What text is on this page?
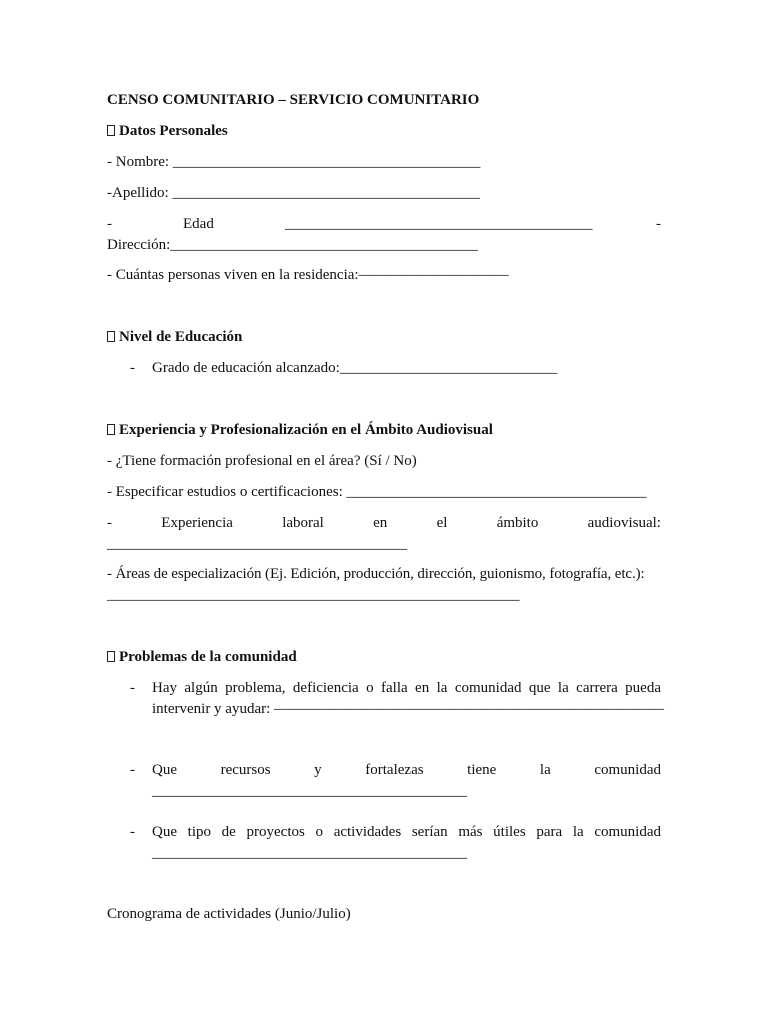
CENSO COMUNITARIO – SERVICIO COMUNITARIO
Datos Personales
- Nombre: _________________________________________
-Apellido: _________________________________________
-	Edad	_________________________________________	-
Dirección:_________________________________________
- Cuántas personas viven en la residencia:——————————
Nivel de Educación
- Grado de educación alcanzado:_____________________________
Experiencia y Profesionalización en el Ámbito Audiovisual
- ¿Tiene formación profesional en el área? (Sí / No)
- Especificar estudios o certificaciones: ________________________________________
-	Experiencia	laboral	en	el	ámbito	audiovisual:
________________________________________
- Áreas de especialización (Ej. Edición, producción, dirección, guionismo, fotografía, etc.):
_______________________________________________________
Problemas de la comunidad
- Hay algún problema, deficiencia o falla en la comunidad que la carrera pueda
intervenir y ayudar: ——————————————————————————
- Que	recursos	y	fortalezas	tiene	la	comunidad
__________________________________________
- Que tipo de proyectos o actividades serían más útiles para la comunidad
__________________________________________
Cronograma de actividades (Junio/Julio)
